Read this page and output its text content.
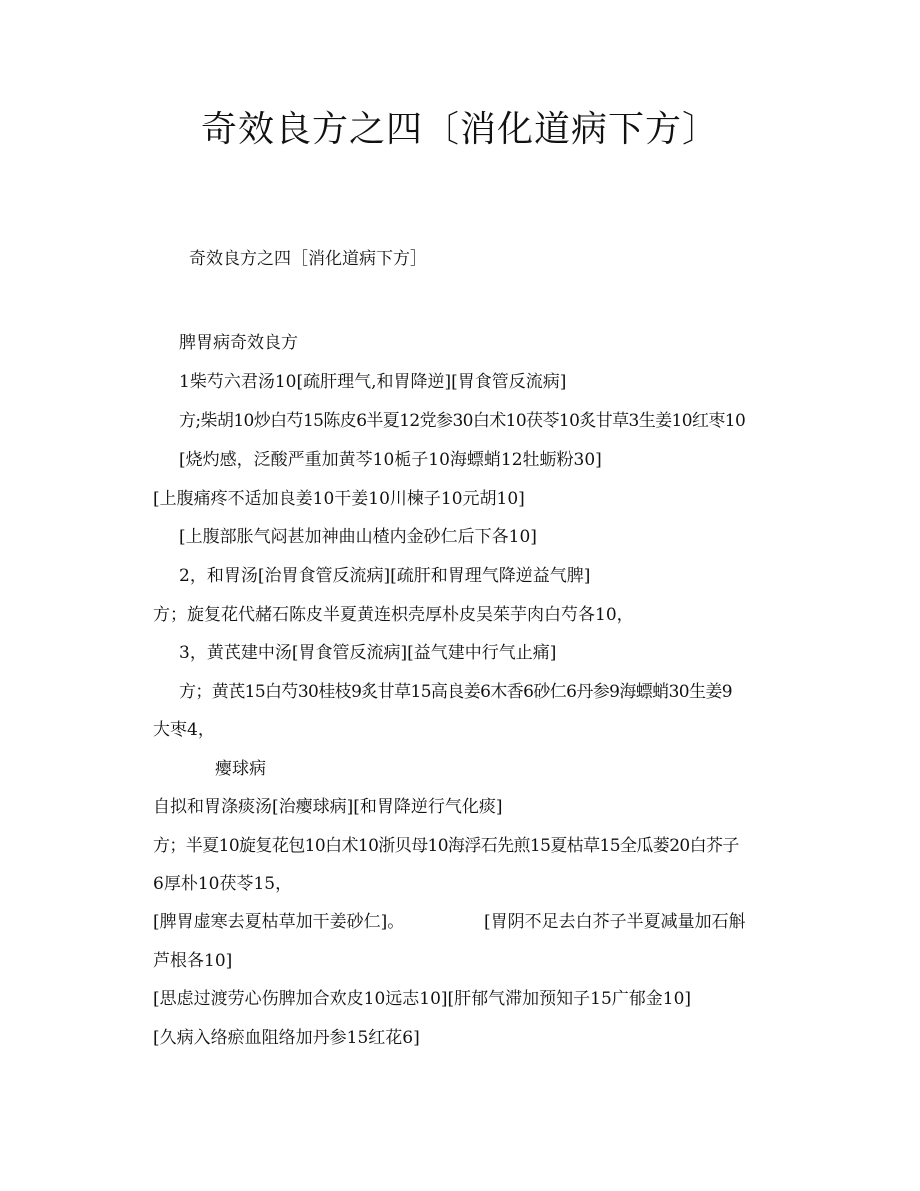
奇效良方之四〔消化道病下方〕
奇效良方之四［消化道病下方］
脾胃病奇效良方
1柴芍六君汤10[疏肝理气,和胃降逆][胃食管反流病]
方;柴胡10炒白芍15陈皮6半夏12党参30白术10茯苓10炙甘草3生姜10红枣10
[烧灼感，泛酸严重加黄芩10栀子10海螵蛸12牡蛎粉30]
[上腹痛疼不适加良姜10干姜10川楝子10元胡10]
[上腹部胀气闷甚加神曲山楂内金砂仁后下各10]
2，和胃汤[治胃食管反流病][疏肝和胃理气降逆益气脾]
方；旋复花代赭石陈皮半夏黄连枳壳厚朴皮吴茱芋肉白芍各10，
3，黄芪建中汤[胃食管反流病][益气建中行气止痛]
方；黄芪15白芍30桂枝9炙甘草15高良姜6木香6砂仁6丹参9海螵蛸30生姜9
大枣4，
瘿球病
自拟和胃涤痰汤[治瘿球病][和胃降逆行气化痰]
方；半夏10旋复花包10白术10浙贝母10海浮石先煎15夏枯草15全瓜蒌20白芥子
6厚朴10茯苓15，
[脾胃虚寒去夏枯草加干姜砂仁]。	[胃阴不足去白芥子半夏减量加石斛
芦根各10]
[思虑过渡劳心伤脾加合欢皮10远志10][肝郁气滞加预知子15广郁金10]
[久病入络瘀血阻络加丹参15红花6]
